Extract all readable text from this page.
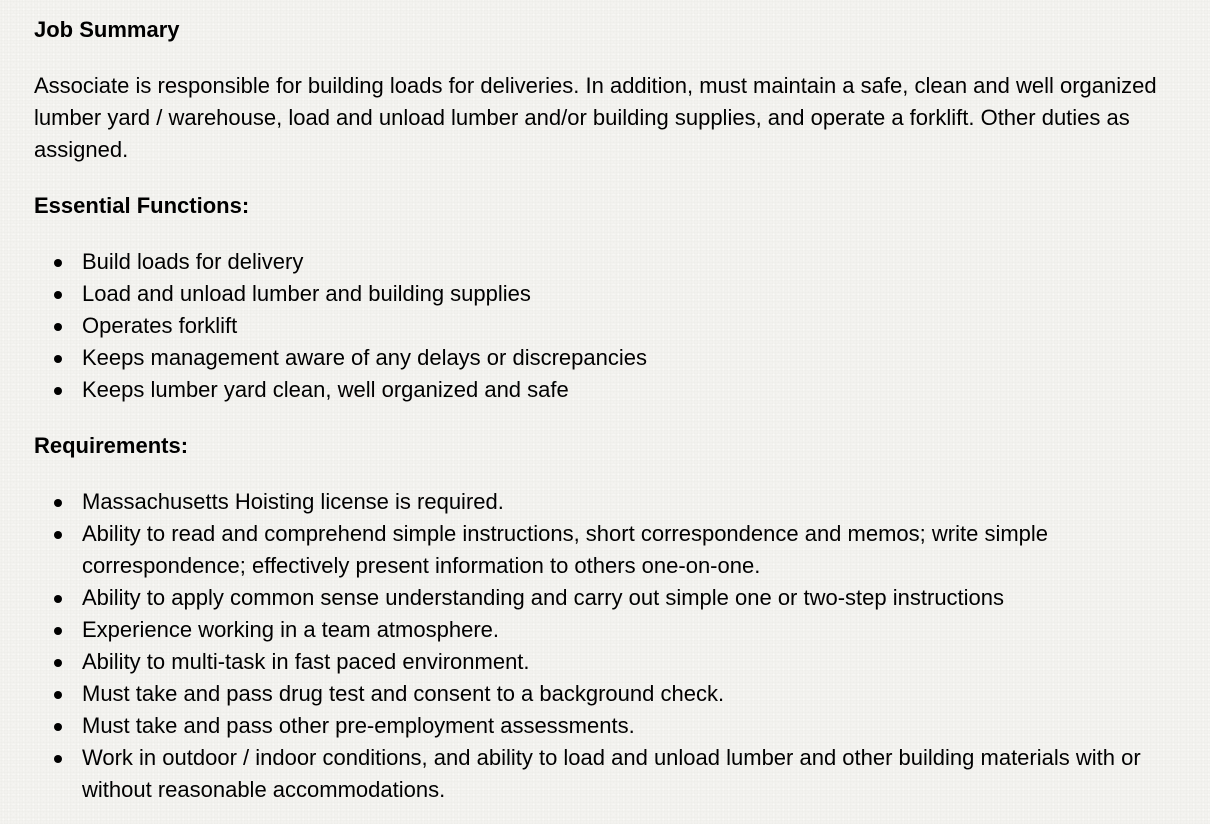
Job Summary

Associate is responsible for building loads for deliveries. In addition, must maintain a safe, clean and well organized lumber yard / warehouse, load and unload lumber and/or building supplies, and operate a forklift. Other duties as assigned.

Essential Functions:
Build loads for delivery
Load and unload lumber and building supplies
Operates forklift
Keeps management aware of any delays or discrepancies
Keeps lumber yard clean, well organized and safe
Requirements:
Massachusetts Hoisting license is required.
Ability to read and comprehend simple instructions, short correspondence and memos; write simple correspondence; effectively present information to others one-on-one.
Ability to apply common sense understanding and carry out simple one or two-step instructions
Experience working in a team atmosphere.
Ability to multi-task in fast paced environment.
Must take and pass drug test and consent to a background check.
Must take and pass other pre-employment assessments.
Work in outdoor / indoor conditions, and ability to load and unload lumber and other building materials with or without reasonable accommodations.
